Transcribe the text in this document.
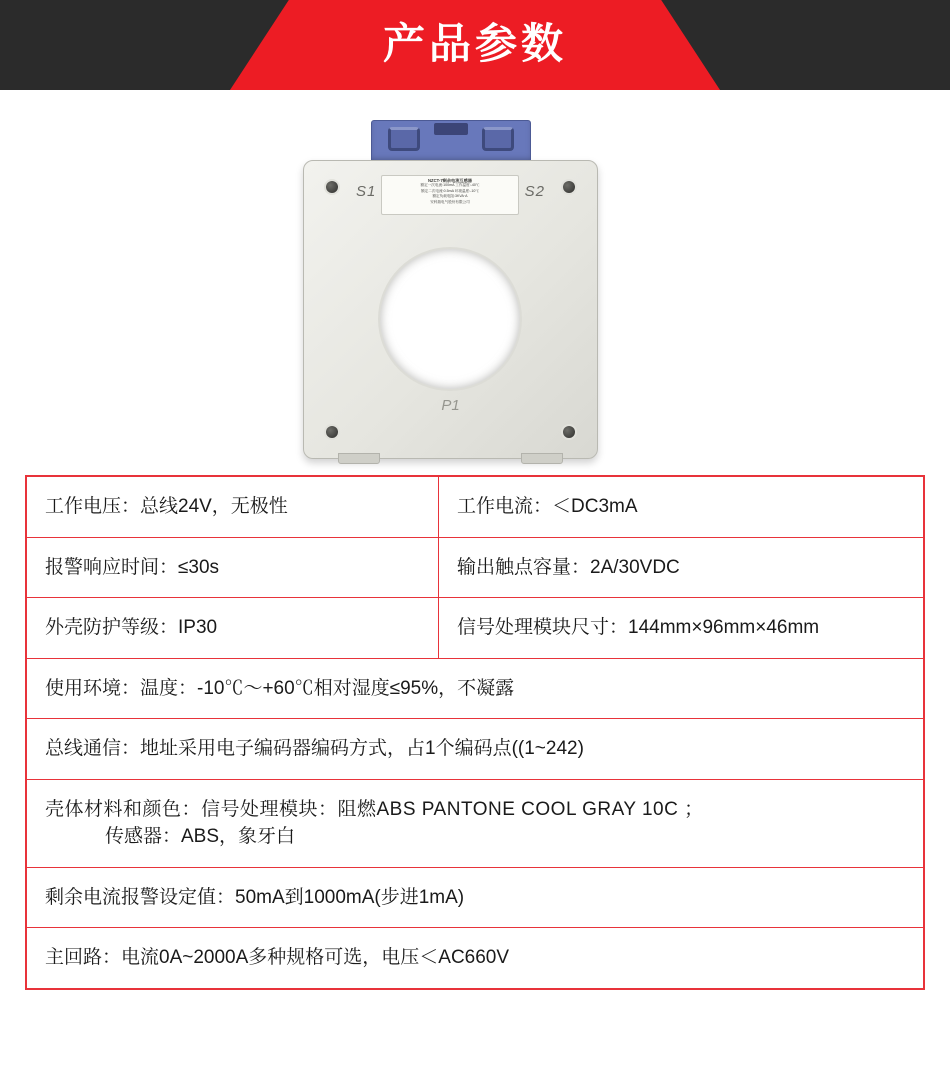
产品参数
S1	S2
NZCT-7剩余电流互感器
额定一次电流:100mA 工作温度:-40℃
额定二次电流:0.5mA 环境温度:-10℃
额定负载电阻:3KVA·A
安科瑞电气股份有限公司
P1
工作电压：总线24V，无极性	工作电流：＜DC3mA
报警响应时间：≤30s	输出触点容量：2A/30VDC
外壳防护等级：IP30	信号处理模块尺寸：144mm×96mm×46mm
使用环境：温度：-10℃～+60℃相对湿度≤95%，不凝露	
总线通信：地址采用电子编码器编码方式，占1个编码点((1~242)	
壳体材料和颜色：信号处理模块：阻燃ABS PANTONE COOL GRAY 10C ；
传感器：ABS，象牙白	

剩余电流报警设定值：50mA到1000mA(步进1mA)	
主回路：电流0A~2000A多种规格可选，电压＜AC660V	
